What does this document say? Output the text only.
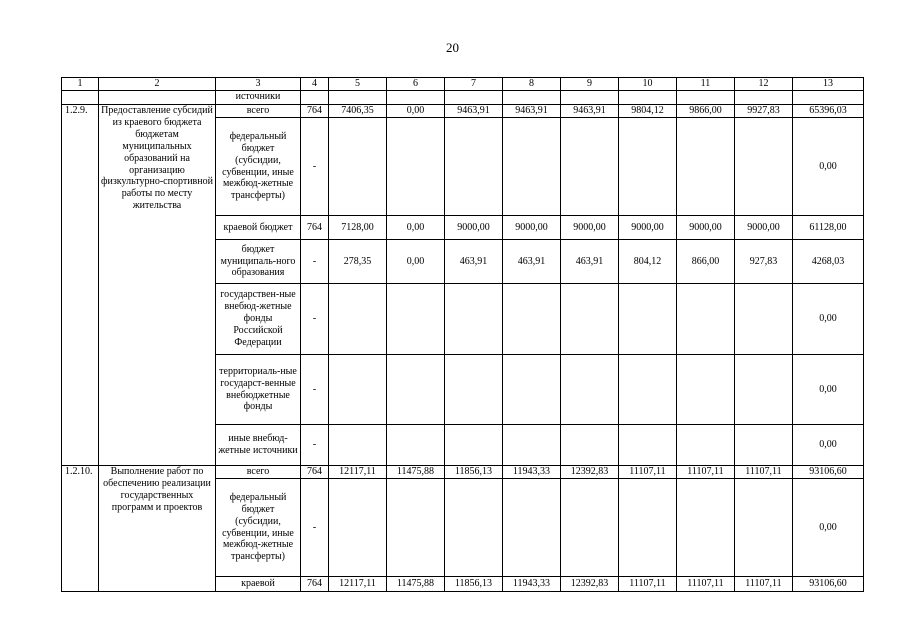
20
1	2	3	4	5	6	7	8	9	10	11	12	13
		источники										
1.2.9.	Предоставление субсидий из краевого бюджета бюджетам муниципальных образований на организацию физкультурно-спортивной работы по месту жительства	всего	764	7406,35	0,00	9463,91	9463,91	9463,91	9804,12	9866,00	9927,83	65396,03
		федеральный бюджет (субсидии, субвенции, иные межбюд-жетные трансферты)	-									0,00
		краевой бюджет	764	7128,00	0,00	9000,00	9000,00	9000,00	9000,00	9000,00	9000,00	61128,00
		бюджет муниципаль-ного образования	-	278,35	0,00	463,91	463,91	463,91	804,12	866,00	927,83	4268,03
		государствен-ные внебюд-жетные фонды Российской Федерации	-									0,00
		территориаль-ные государст-венные внебюджетные фонды	-									0,00
		иные внебюд-жетные источники	-									0,00
1.2.10.	Выполнение работ по обеспечению реализации государственных программ и проектов	всего	764	12117,11	11475,88	11856,13	11943,33	12392,83	11107,11	11107,11	11107,11	93106,60
		федеральный бюджет (субсидии, субвенции, иные межбюд-жетные трансферты)	-									0,00
		краевой	764	12117,11	11475,88	11856,13	11943,33	12392,83	11107,11	11107,11	11107,11	93106,60
